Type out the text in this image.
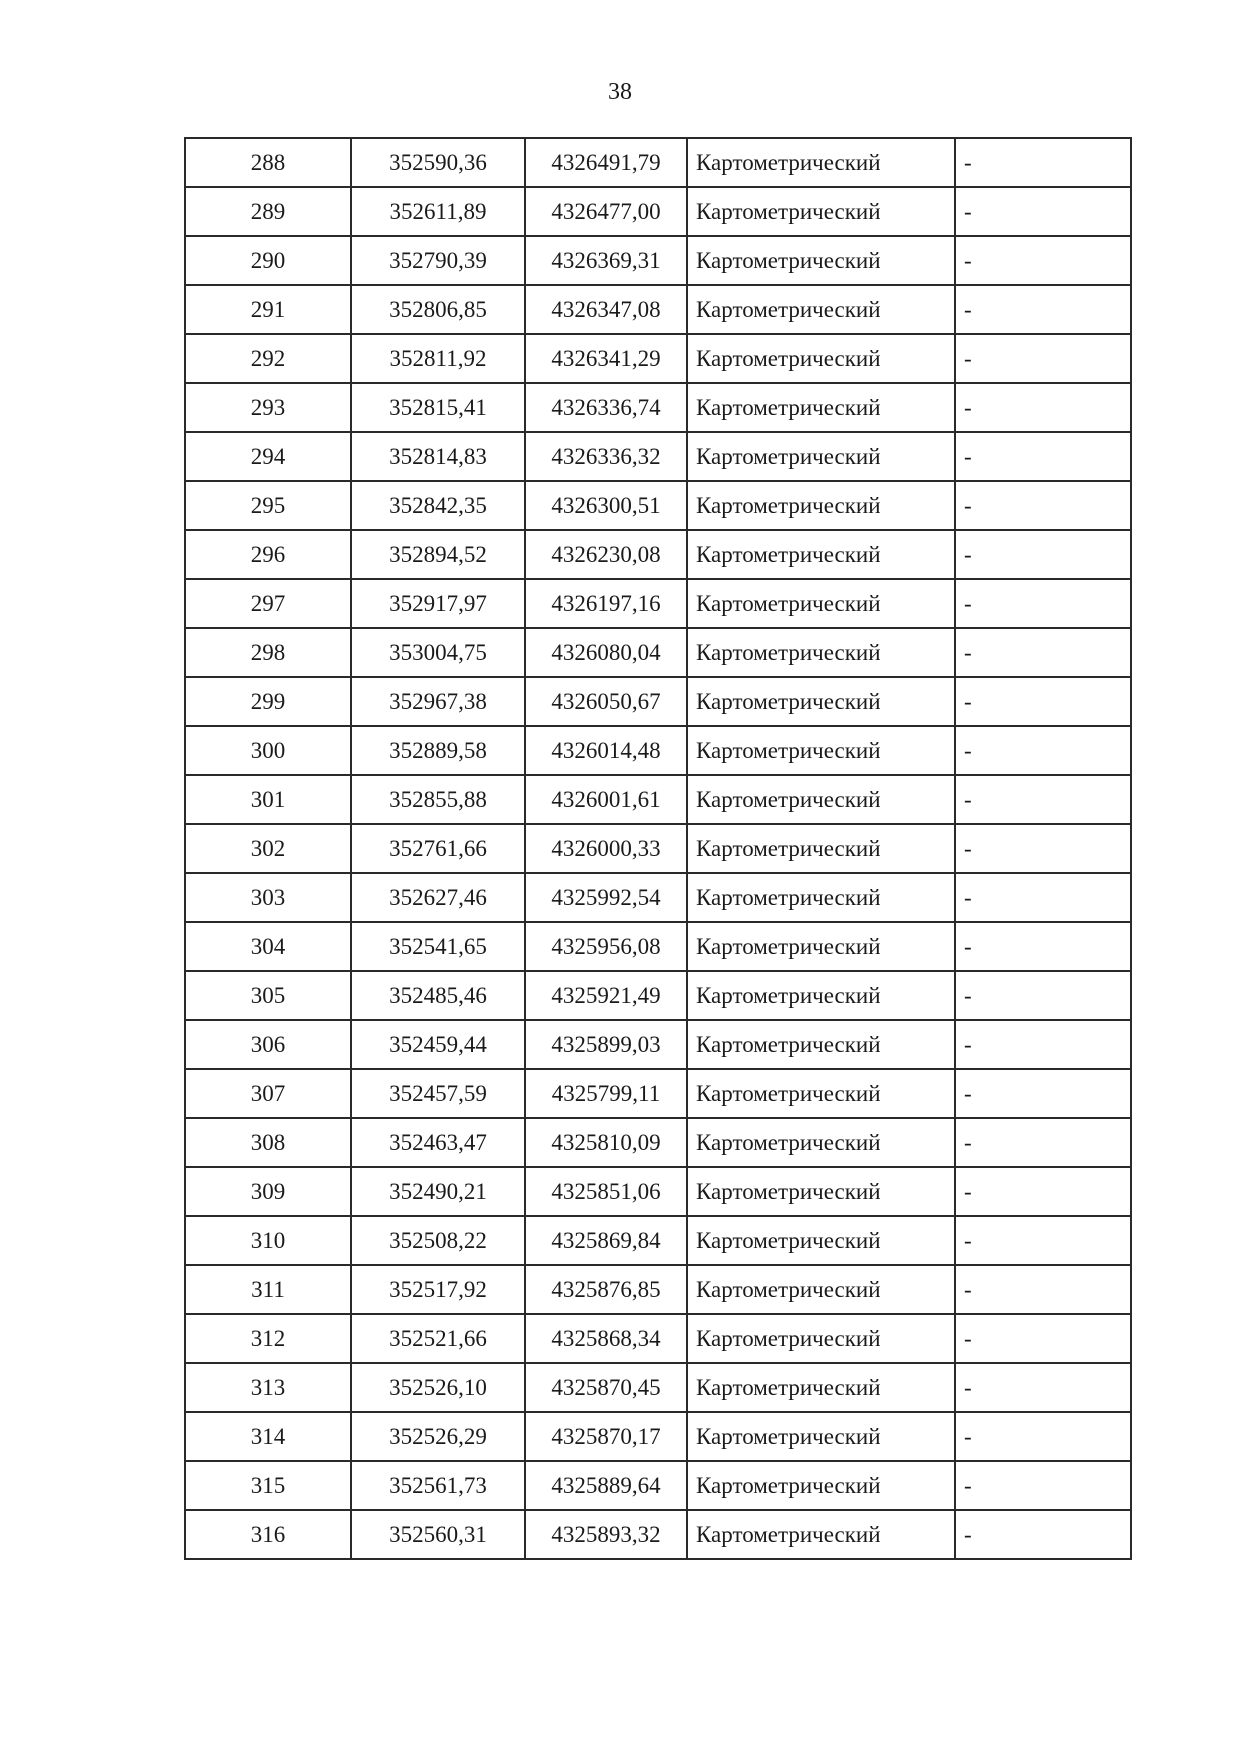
38
288	352590,36	4326491,79	Картометрический	-
289	352611,89	4326477,00	Картометрический	-
290	352790,39	4326369,31	Картометрический	-
291	352806,85	4326347,08	Картометрический	-
292	352811,92	4326341,29	Картометрический	-
293	352815,41	4326336,74	Картометрический	-
294	352814,83	4326336,32	Картометрический	-
295	352842,35	4326300,51	Картометрический	-
296	352894,52	4326230,08	Картометрический	-
297	352917,97	4326197,16	Картометрический	-
298	353004,75	4326080,04	Картометрический	-
299	352967,38	4326050,67	Картометрический	-
300	352889,58	4326014,48	Картометрический	-
301	352855,88	4326001,61	Картометрический	-
302	352761,66	4326000,33	Картометрический	-
303	352627,46	4325992,54	Картометрический	-
304	352541,65	4325956,08	Картометрический	-
305	352485,46	4325921,49	Картометрический	-
306	352459,44	4325899,03	Картометрический	-
307	352457,59	4325799,11	Картометрический	-
308	352463,47	4325810,09	Картометрический	-
309	352490,21	4325851,06	Картометрический	-
310	352508,22	4325869,84	Картометрический	-
311	352517,92	4325876,85	Картометрический	-
312	352521,66	4325868,34	Картометрический	-
313	352526,10	4325870,45	Картометрический	-
314	352526,29	4325870,17	Картометрический	-
315	352561,73	4325889,64	Картометрический	-
316	352560,31	4325893,32	Картометрический	-
